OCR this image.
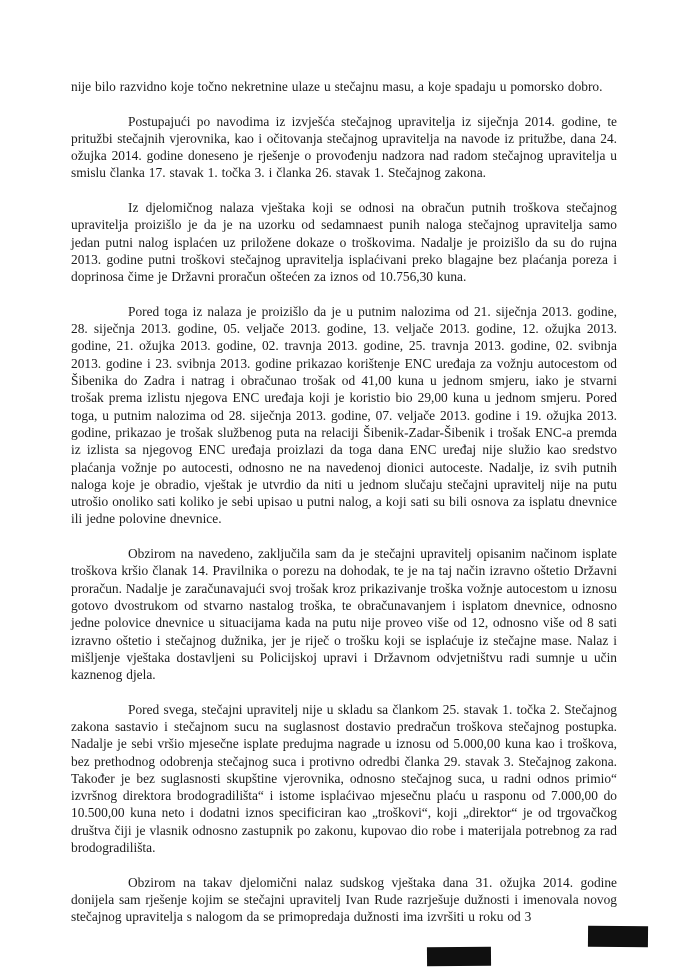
nije bilo razvidno koje točno nekretnine ulaze u stečajnu masu, a koje spadaju u pomorsko dobro.

Postupajući po navodima iz izvješća stečajnog upravitelja iz siječnja 2014. godine, te pritužbi stečajnih vjerovnika, kao i očitovanja stečajnog upravitelja na navode iz pritužbe, dana 24. ožujka 2014. godine doneseno je rješenje o provođenju nadzora nad radom stečajnog upravitelja u smislu članka 17. stavak 1. točka 3. i članka 26. stavak 1. Stečajnog zakona.

Iz djelomičnog nalaza vještaka koji se odnosi na obračun putnih troškova stečajnog upravitelja proizišlo je da je na uzorku od sedamnaest punih naloga stečajnog upravitelja samo jedan putni nalog isplaćen uz priložene dokaze o troškovima. Nadalje je proizišlo da su do rujna 2013. godine putni troškovi stečajnog upravitelja isplaćivani preko blagajne bez plaćanja poreza i doprinosa čime je Državni proračun oštećen za iznos od 10.756,30 kuna.

Pored toga iz nalaza je proizišlo da je u putnim nalozima od 21. siječnja 2013. godine, 28. siječnja 2013. godine, 05. veljače 2013. godine, 13. veljače 2013. godine, 12. ožujka 2013. godine, 21. ožujka 2013. godine, 02. travnja 2013. godine, 25. travnja 2013. godine, 02. svibnja 2013. godine i 23. svibnja 2013. godine prikazao korištenje ENC uređaja za vožnju autocestom od Šibenika do Zadra i natrag i obračunao trošak od 41,00 kuna u jednom smjeru, iako je stvarni trošak prema izlistu njegova ENC uređaja koji je koristio bio 29,00 kuna u jednom smjeru. Pored toga, u putnim nalozima od 28. siječnja 2013. godine, 07. veljače 2013. godine i 19. ožujka 2013. godine, prikazao je trošak službenog puta na relaciji Šibenik-Zadar-Šibenik i trošak ENC-a premda iz izlista sa njegovog ENC uređaja proizlazi da toga dana ENC uređaj nije služio kao sredstvo plaćanja vožnje po autocesti, odnosno ne na navedenoj dionici autoceste. Nadalje, iz svih putnih naloga koje je obradio, vještak je utvrdio da niti u jednom slučaju stečajni upravitelj nije na putu utrošio onoliko sati koliko je sebi upisao u putni nalog, a koji sati su bili osnova za isplatu dnevnice ili jedne polovine dnevnice.

Obzirom na navedeno, zaključila sam da je stečajni upravitelj opisanim načinom isplate troškova kršio članak 14. Pravilnika o porezu na dohodak, te je na taj način izravno oštetio Državni proračun. Nadalje je zaračunavajući svoj trošak kroz prikazivanje troška vožnje autocestom u iznosu gotovo dvostrukom od stvarno nastalog troška, te obračunavanjem i isplatom dnevnice, odnosno jedne polovice dnevnice u situacijama kada na putu nije proveo više od 12, odnosno više od 8 sati izravno oštetio i stečajnog dužnika, jer je riječ o trošku koji se isplaćuje iz stečajne mase. Nalaz i mišljenje vještaka dostavljeni su Policijskoj upravi i Državnom odvjetništvu radi sumnje u učin kaznenog djela.

Pored svega, stečajni upravitelj nije u skladu sa člankom 25. stavak 1. točka 2. Stečajnog zakona sastavio i stečajnom sucu na suglasnost dostavio predračun troškova stečajnog postupka. Nadalje je sebi vršio mjesečne isplate predujma nagrade u iznosu od 5.000,00 kuna kao i troškova, bez prethodnog odobrenja stečajnog suca i protivno odredbi članka 29. stavak 3. Stečajnog zakona. Također je bez suglasnosti skupštine vjerovnika, odnosno stečajnog suca, u radni odnos primio“ izvršnog direktora brodogradilišta“ i istome isplaćivao mjesečnu plaću u rasponu od 7.000,00 do 10.500,00 kuna neto i dodatni iznos specificiran kao „troškovi“, koji „direktor“ je od trgovačkog društva čiji je vlasnik odnosno zastupnik po zakonu, kupovao dio robe i materijala potrebnog za rad brodogradilišta.

Obzirom na takav djelomični nalaz sudskog vještaka dana 31. ožujka 2014. godine donijela sam rješenje kojim se stečajni upravitelj Ivan Rude razrješuje dužnosti i imenovala novog stečajnog upravitelja s nalogom da se primopredaja dužnosti ima izvršiti u roku od 3
